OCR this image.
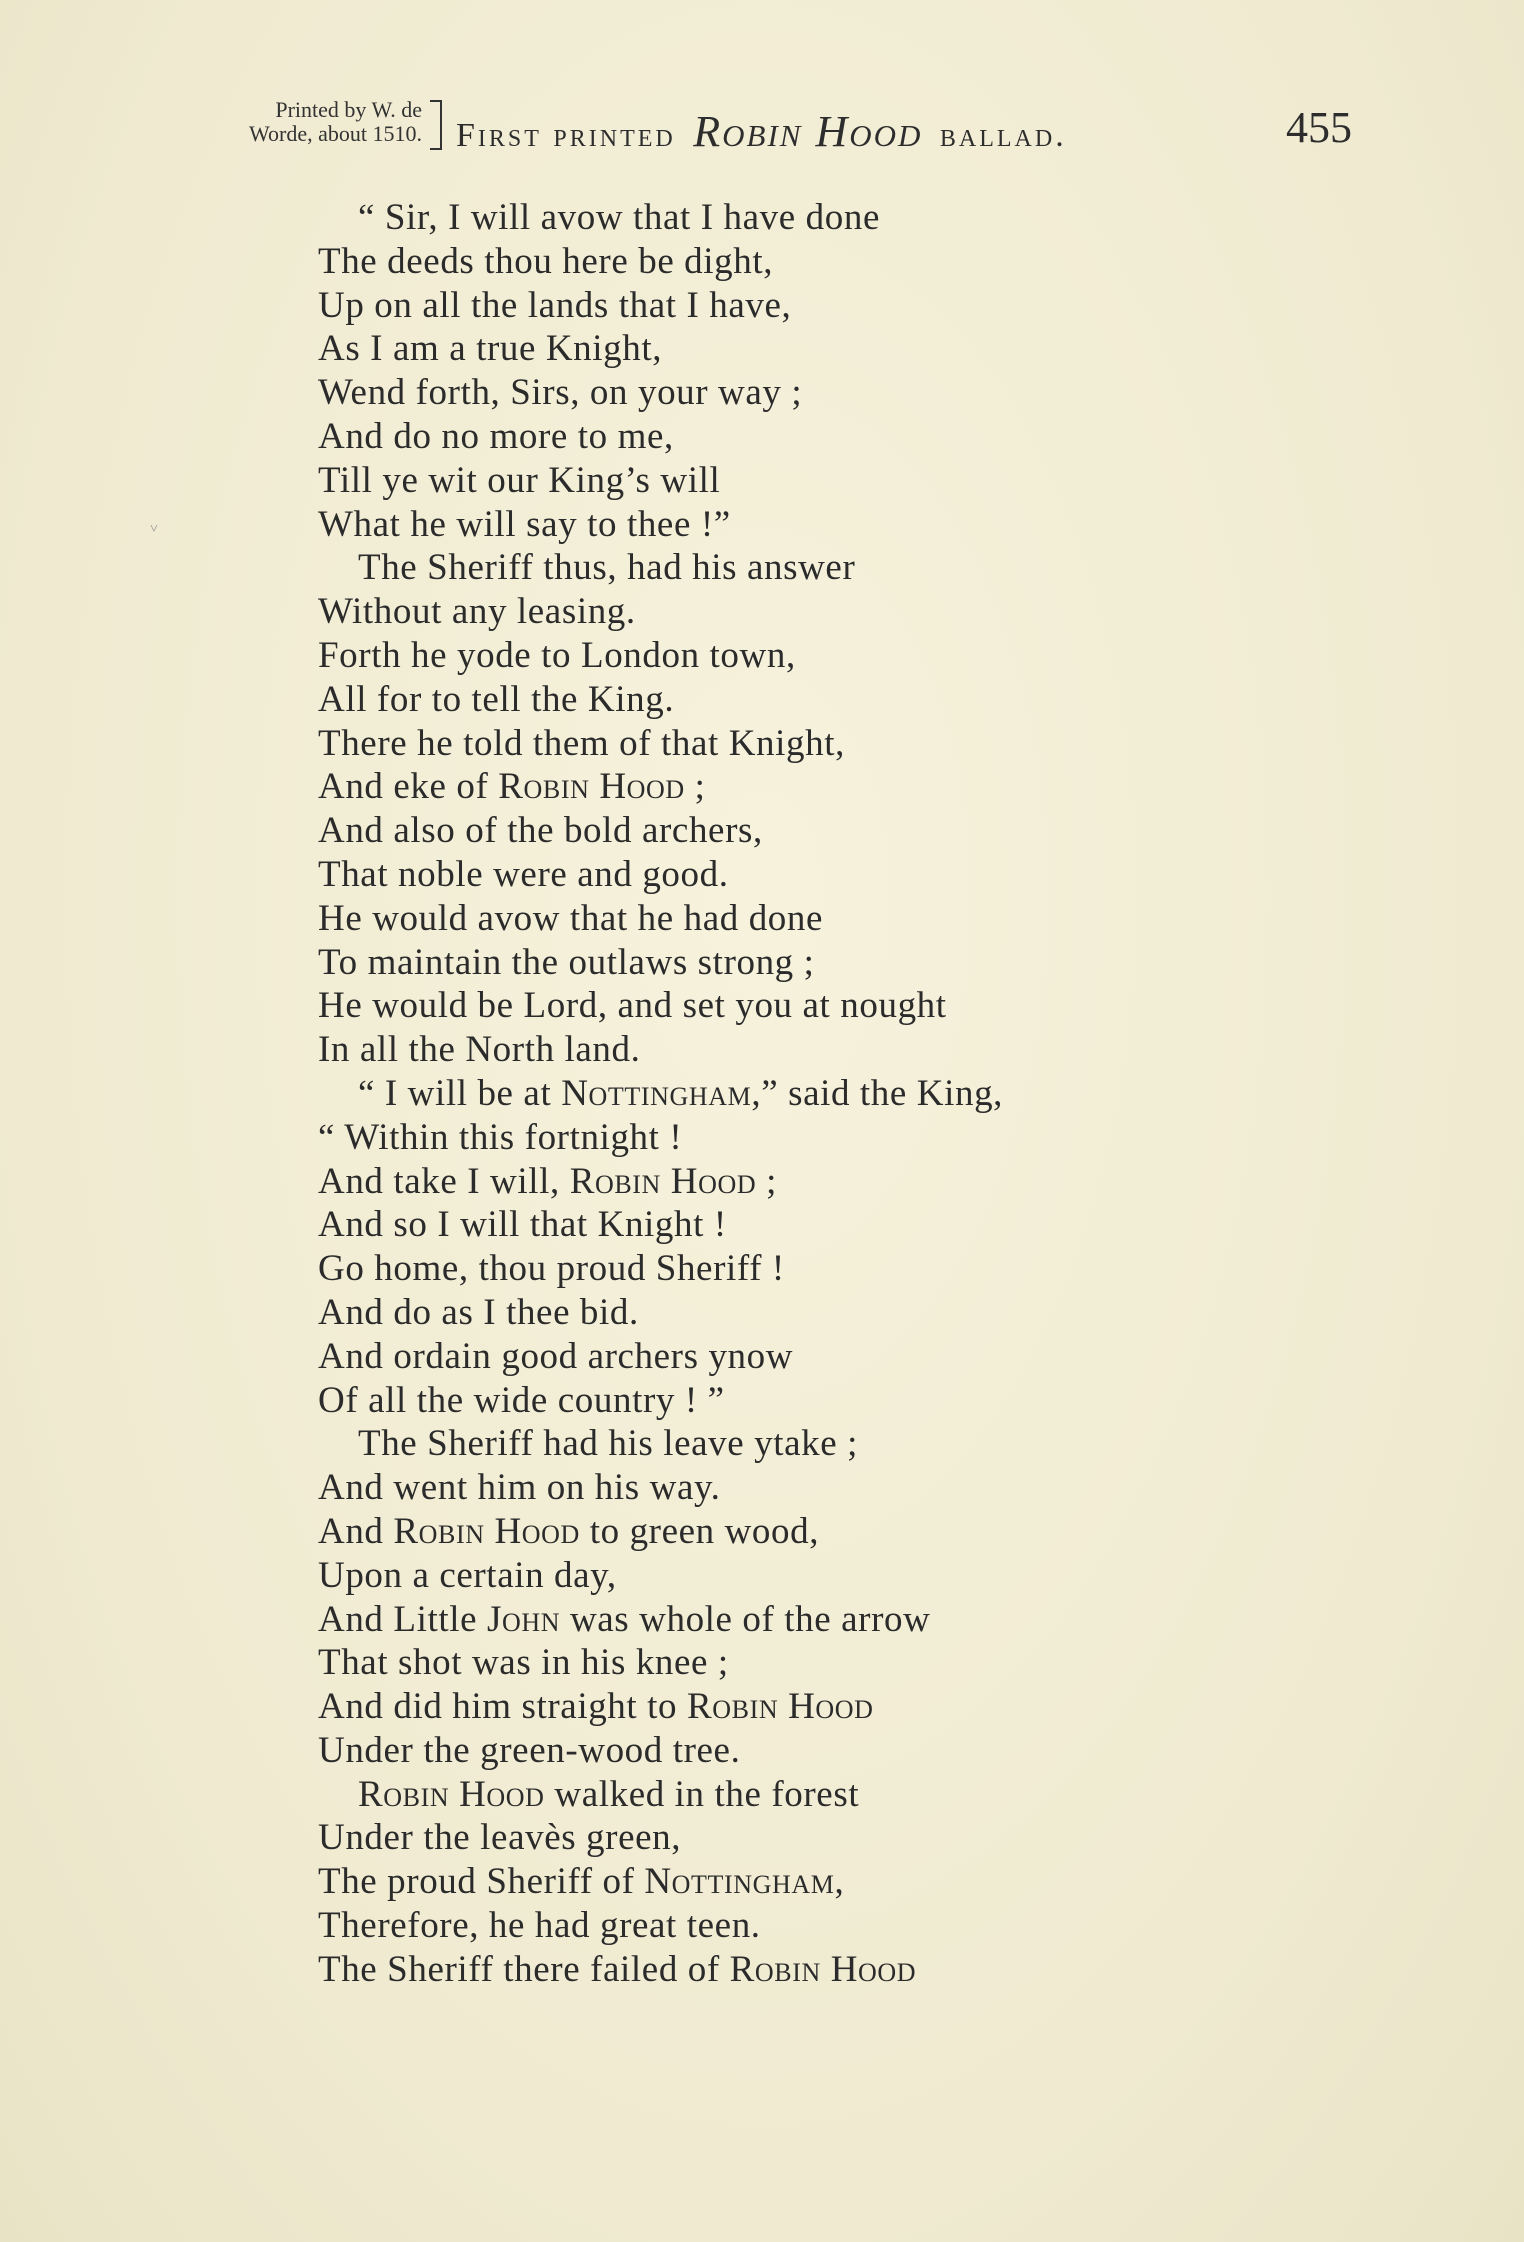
Printed by W. de
Worde, about 1510. First printed Robin Hood ballad.	455
˅
“ Sir, I will avow that I have done
The deeds thou here be dight,
Up on all the lands that I have,
As I am a true Knight,
Wend forth, Sirs, on your way ;
And do no more to me,
Till ye wit our King’s will
What he will say to thee !”
The Sheriff thus, had his answer
Without any leasing.
Forth he yode to London town,
All for to tell the King.
There he told them of that Knight,
And eke of Robin Hood ;
And also of the bold archers,
That noble were and good.
He would avow that he had done
To maintain the outlaws strong ;
He would be Lord, and set you at nought
In all the North land.
“ I will be at Nottingham,” said the King,
“ Within this fortnight !
And take I will, Robin Hood ;
And so I will that Knight !
Go home, thou proud Sheriff !
And do as I thee bid.
And ordain good archers ynow
Of all the wide country ! ”
The Sheriff had his leave ytake ;
And went him on his way.
And Robin Hood to green wood,
Upon a certain day,
And Little John was whole of the arrow
That shot was in his knee ;
And did him straight to Robin Hood
Under the green-wood tree.
Robin Hood walked in the forest
Under the leavès green,
The proud Sheriff of Nottingham,
Therefore, he had great teen.
The Sheriff there failed of Robin Hood
